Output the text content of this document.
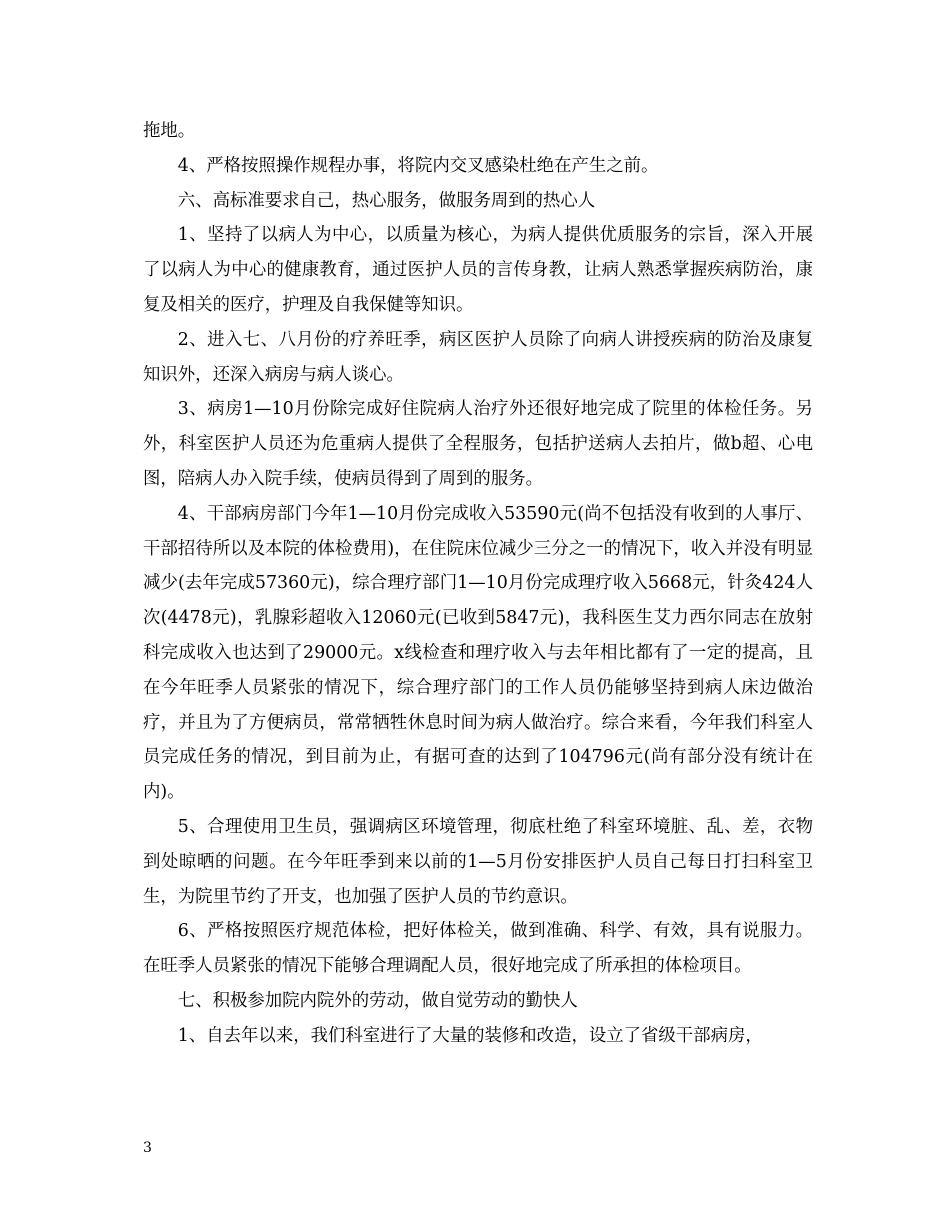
拖地。

4、严格按照操作规程办事，将院内交叉感染杜绝在产生之前。

六、高标准要求自己，热心服务，做服务周到的热心人

1、坚持了以病人为中心，以质量为核心，为病人提供优质服务的宗旨，深入开展了以病人为中心的健康教育，通过医护人员的言传身教，让病人熟悉掌握疾病防治，康复及相关的医疗，护理及自我保健等知识。

2、进入七、八月份的疗养旺季，病区医护人员除了向病人讲授疾病的防治及康复知识外，还深入病房与病人谈心。

3、病房1—10月份除完成好住院病人治疗外还很好地完成了院里的体检任务。另外，科室医护人员还为危重病人提供了全程服务，包括护送病人去拍片，做b超、心电图，陪病人办入院手续，使病员得到了周到的服务。

4、干部病房部门今年1—10月份完成收入53590元(尚不包括没有收到的人事厅、干部招待所以及本院的体检费用)，在住院床位减少三分之一的情况下，收入并没有明显减少(去年完成57360元)，综合理疗部门1—10月份完成理疗收入5668元，针灸424人次(4478元)，乳腺彩超收入12060元(已收到5847元)，我科医生艾力西尔同志在放射科完成收入也达到了29000元。x线检查和理疗收入与去年相比都有了一定的提高，且在今年旺季人员紧张的情况下，综合理疗部门的工作人员仍能够坚持到病人床边做治疗，并且为了方便病员，常常牺牲休息时间为病人做治疗。综合来看，今年我们科室人员完成任务的情况，到目前为止，有据可查的达到了104796元(尚有部分没有统计在内)。

5、合理使用卫生员，强调病区环境管理，彻底杜绝了科室环境脏、乱、差，衣物到处晾晒的问题。在今年旺季到来以前的1—5月份安排医护人员自己每日打扫科室卫生，为院里节约了开支，也加强了医护人员的节约意识。

6、严格按照医疗规范体检，把好体检关，做到准确、科学、有效，具有说服力。在旺季人员紧张的情况下能够合理调配人员，很好地完成了所承担的体检项目。

七、积极参加院内院外的劳动，做自觉劳动的勤快人

1、自去年以来，我们科室进行了大量的装修和改造，设立了省级干部病房，

3
